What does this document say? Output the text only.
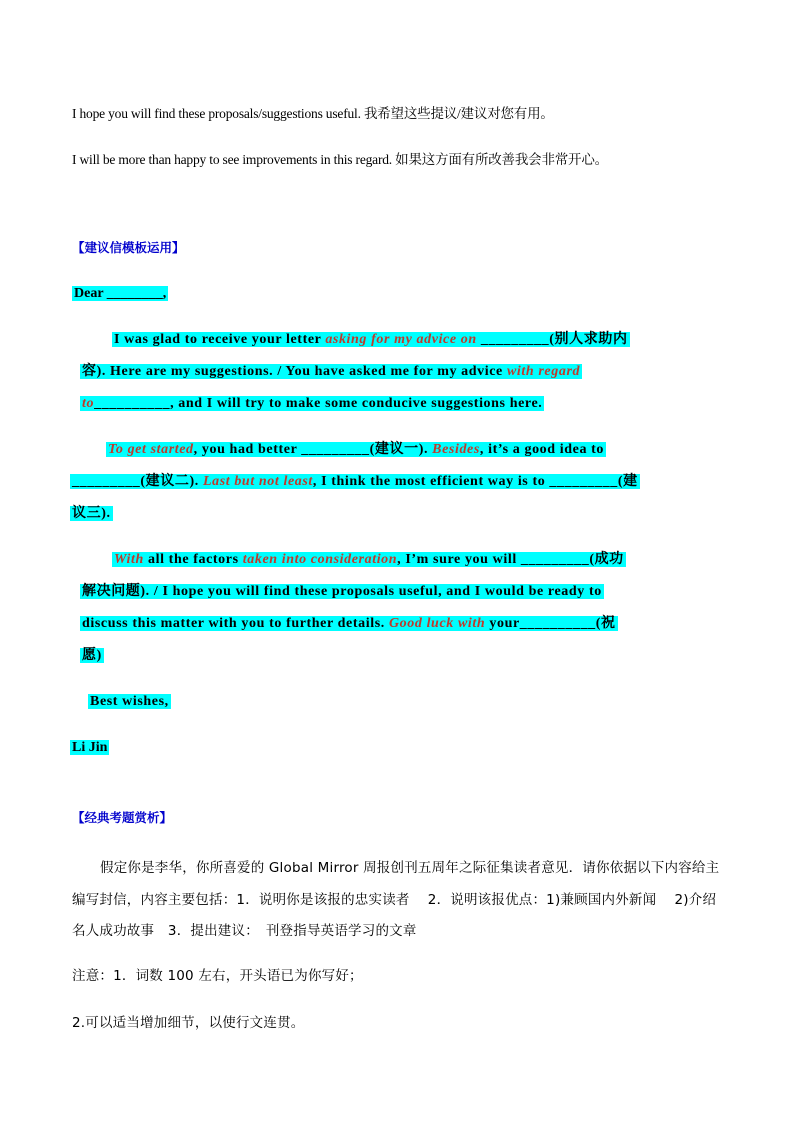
I hope you will find these proposals/suggestions useful. 我希望这些提议/建议对您有用。
I will be more than happy to see improvements in this regard. 如果这方面有所改善我会非常开心。
【建议信模板运用】
Dear ________,
I was glad to receive your letter asking for my advice on _________(别人求助内
容). Here are my suggestions. / You have asked me for my advice with regard
to__________, and I will try to make some conducive suggestions here.
To get started, you had better _________(建议一). Besides, it’s a good idea to
_________(建议二). Last but not least, I think the most efficient way is to _________(建
议三).
With all the factors taken into consideration, I’m sure you will _________(成功
解决问题). / I hope you will find these proposals useful, and I would be ready to
discuss this matter with you to further details. Good luck with your__________(祝
愿)
Best wishes,
Li Jin
【经典考题赏析】
假定你是李华，你所喜爱的 Global Mirror 周报创刊五周年之际征集读者意见．请你依据以下内容给主
编写封信，内容主要包括：1．说明你是该报的忠实读者　 2．说明该报优点：1)兼顾国内外新闻　 2)介绍
名人成功故事　3．提出建议：　刊登指导英语学习的文章
注意：1．词数 100 左右，开头语已为你写好；
2.可以适当增加细节，以使行文连贯。
